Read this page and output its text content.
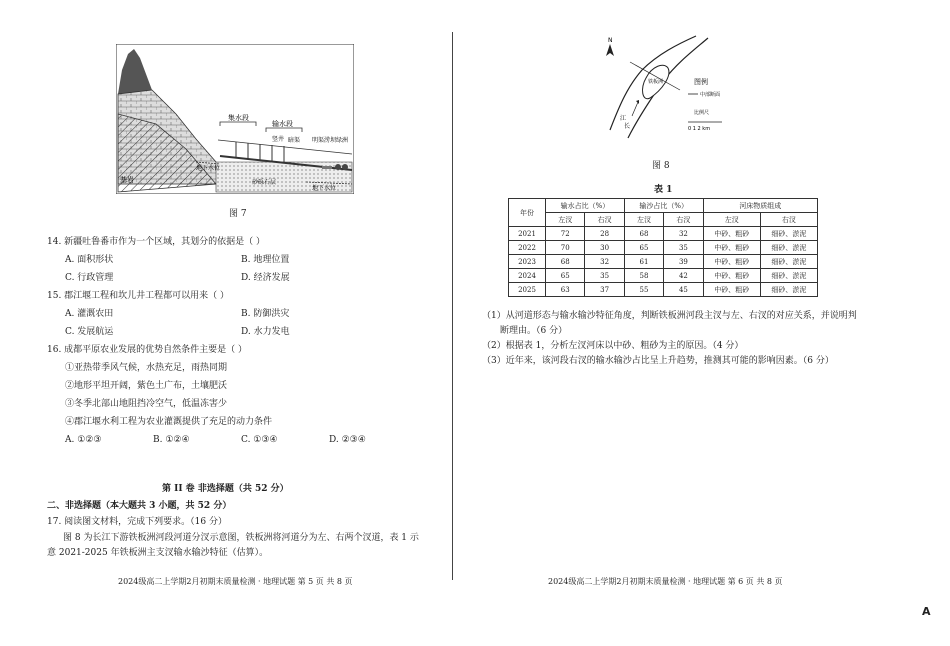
集水段
输水段
竖井 暗渠 明渠 涝坝 绿洲
基岩
地下水位
砂砾石层
地下水位
图 7
14. 新疆吐鲁番市作为一个区域，其划分的依据是（ ）
A. 面积形状	B. 地理位置
C. 行政管理	D. 经济发展
15. 郡江堰工程和坎儿井工程都可以用来（ ）
A. 灌溉农田	B. 防御洪灾
C. 发展航运	D. 水力发电
16. 成都平原农业发展的优势自然条件主要是（ ）
①亚热带季风气候，水热充足，雨热同期
②地形平坦开阔，紫色土广布，土壤肥沃
③冬季北部山地阻挡冷空气，低温冻害少
④郡江堰水利工程为农业灌溉提供了充足的动力条件
A. ①②③	B. ①②④	C. ①③④	D. ②③④
第 II 卷 非选择题（共 52 分）
二、非选择题（本大题共 3 小题，共 52 分）
17. 阅读图文材料，完成下列要求。（16 分）
图 8 为长江下游铁板洲河段河道分汊示意图，铁板洲将河道分为左、右两个汊道，表 1 示
意 2021-2025 年铁板洲主支汊输水输沙特征（估算）。
2024级高二上学期2月初期末质量检测 · 地理试题 第 5 页 共 8 页
N
铁板洲
江
长
图例
中部断面
比例尺
0 1 2 km
图 8
表 1
年份	输水占比（%）		输沙占比（%）		河床物质组成	
	左汊	右汊	左汊	右汊	左汊	右汊
2021	72	28	68	32	中砂、粗砂	细砂、淤泥
2022	70	30	65	35	中砂、粗砂	细砂、淤泥
2023	68	32	61	39	中砂、粗砂	细砂、淤泥
2024	65	35	58	42	中砂、粗砂	细砂、淤泥
2025	63	37	55	45	中砂、粗砂	细砂、淤泥
（1）从河道形态与输水输沙特征角度，判断铁板洲河段主汊与左、右汊的对应关系，并说明判
断理由。（6 分）
（2）根据表 1，分析左汊河床以中砂、粗砂为主的原因。（4 分）
（3）近年来，该河段右汊的输水输沙占比呈上升趋势，推测其可能的影响因素。（6 分）
2024级高二上学期2月初期末质量检测 · 地理试题 第 6 页 共 8 页
A
